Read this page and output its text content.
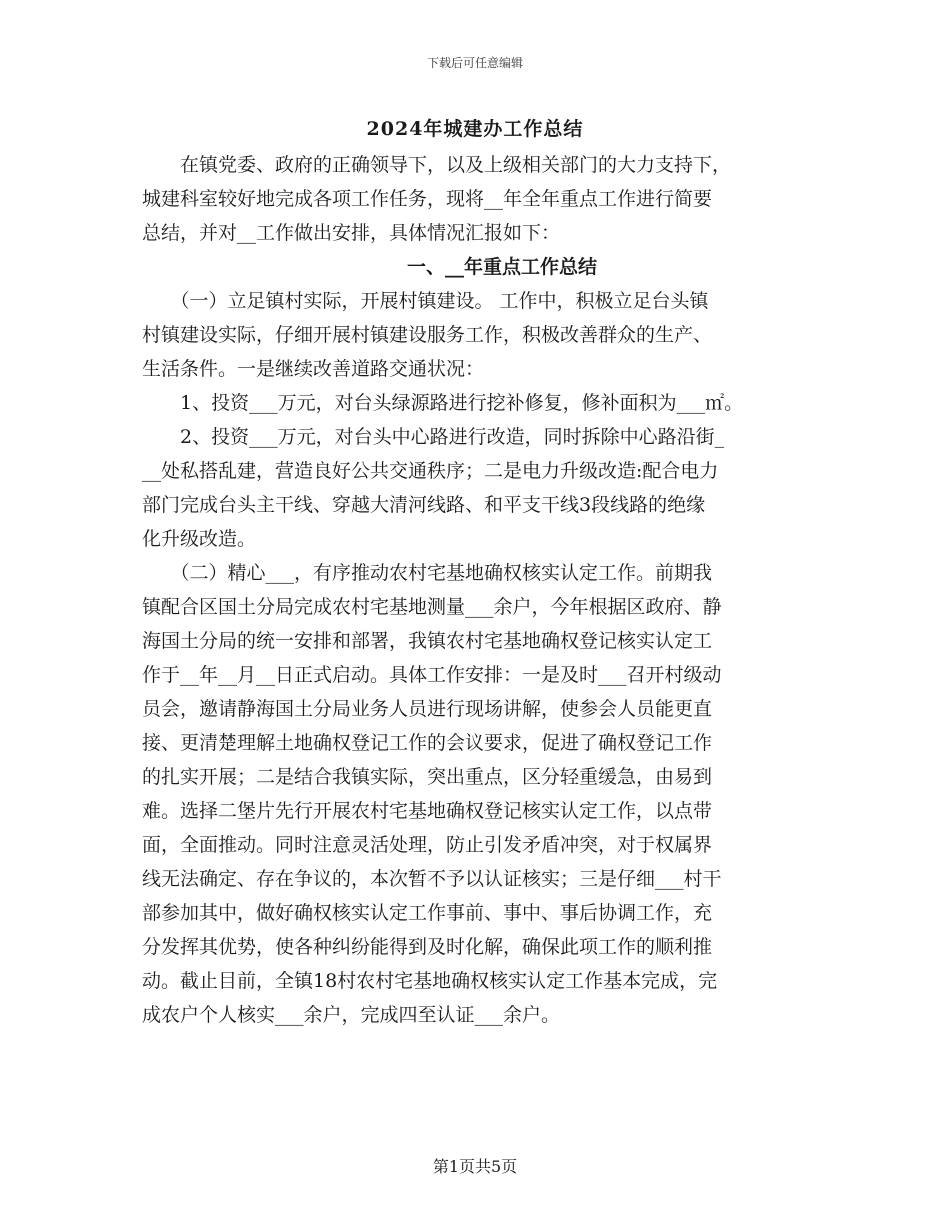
下载后可任意编辑
2024年城建办工作总结
　　在镇党委、政府的正确领导下，以及上级相关部门的大力支持下，
城建科室较好地完成各项工作任务，现将__年全年重点工作进行简要
总结，并对__工作做出安排，具体情况汇报如下：
一、__年重点工作总结
　　（一）立足镇村实际，开展村镇建设。 工作中，积极立足台头镇
村镇建设实际，仔细开展村镇建设服务工作，积极改善群众的生产、
生活条件。一是继续改善道路交通状况：
　　1、投资___万元，对台头绿源路进行挖补修复，修补面积为___㎡。
　　2、投资___万元，对台头中心路进行改造，同时拆除中心路沿街_
__处私搭乱建，营造良好公共交通秩序；二是电力升级改造:配合电力
部门完成台头主干线、穿越大清河线路、和平支干线3段线路的绝缘
化升级改造。
　　（二）精心___，有序推动农村宅基地确权核实认定工作。前期我
镇配合区国土分局完成农村宅基地测量___余户，今年根据区政府、静
海国土分局的统一安排和部署，我镇农村宅基地确权登记核实认定工
作于__年__月__日正式启动。具体工作安排：一是及时___召开村级动
员会，邀请静海国土分局业务人员进行现场讲解，使参会人员能更直
接、更清楚理解土地确权登记工作的会议要求，促进了确权登记工作
的扎实开展；二是结合我镇实际，突出重点，区分轻重缓急，由易到
难。选择二堡片先行开展农村宅基地确权登记核实认定工作，以点带
面，全面推动。同时注意灵活处理，防止引发矛盾冲突，对于权属界
线无法确定、存在争议的，本次暂不予以认证核实；三是仔细___村干
部参加其中，做好确权核实认定工作事前、事中、事后协调工作，充
分发挥其优势，使各种纠纷能得到及时化解，确保此项工作的顺利推
动。截止目前，全镇18村农村宅基地确权核实认定工作基本完成，完
成农户个人核实___余户，完成四至认证___余户。
第1页共5页
